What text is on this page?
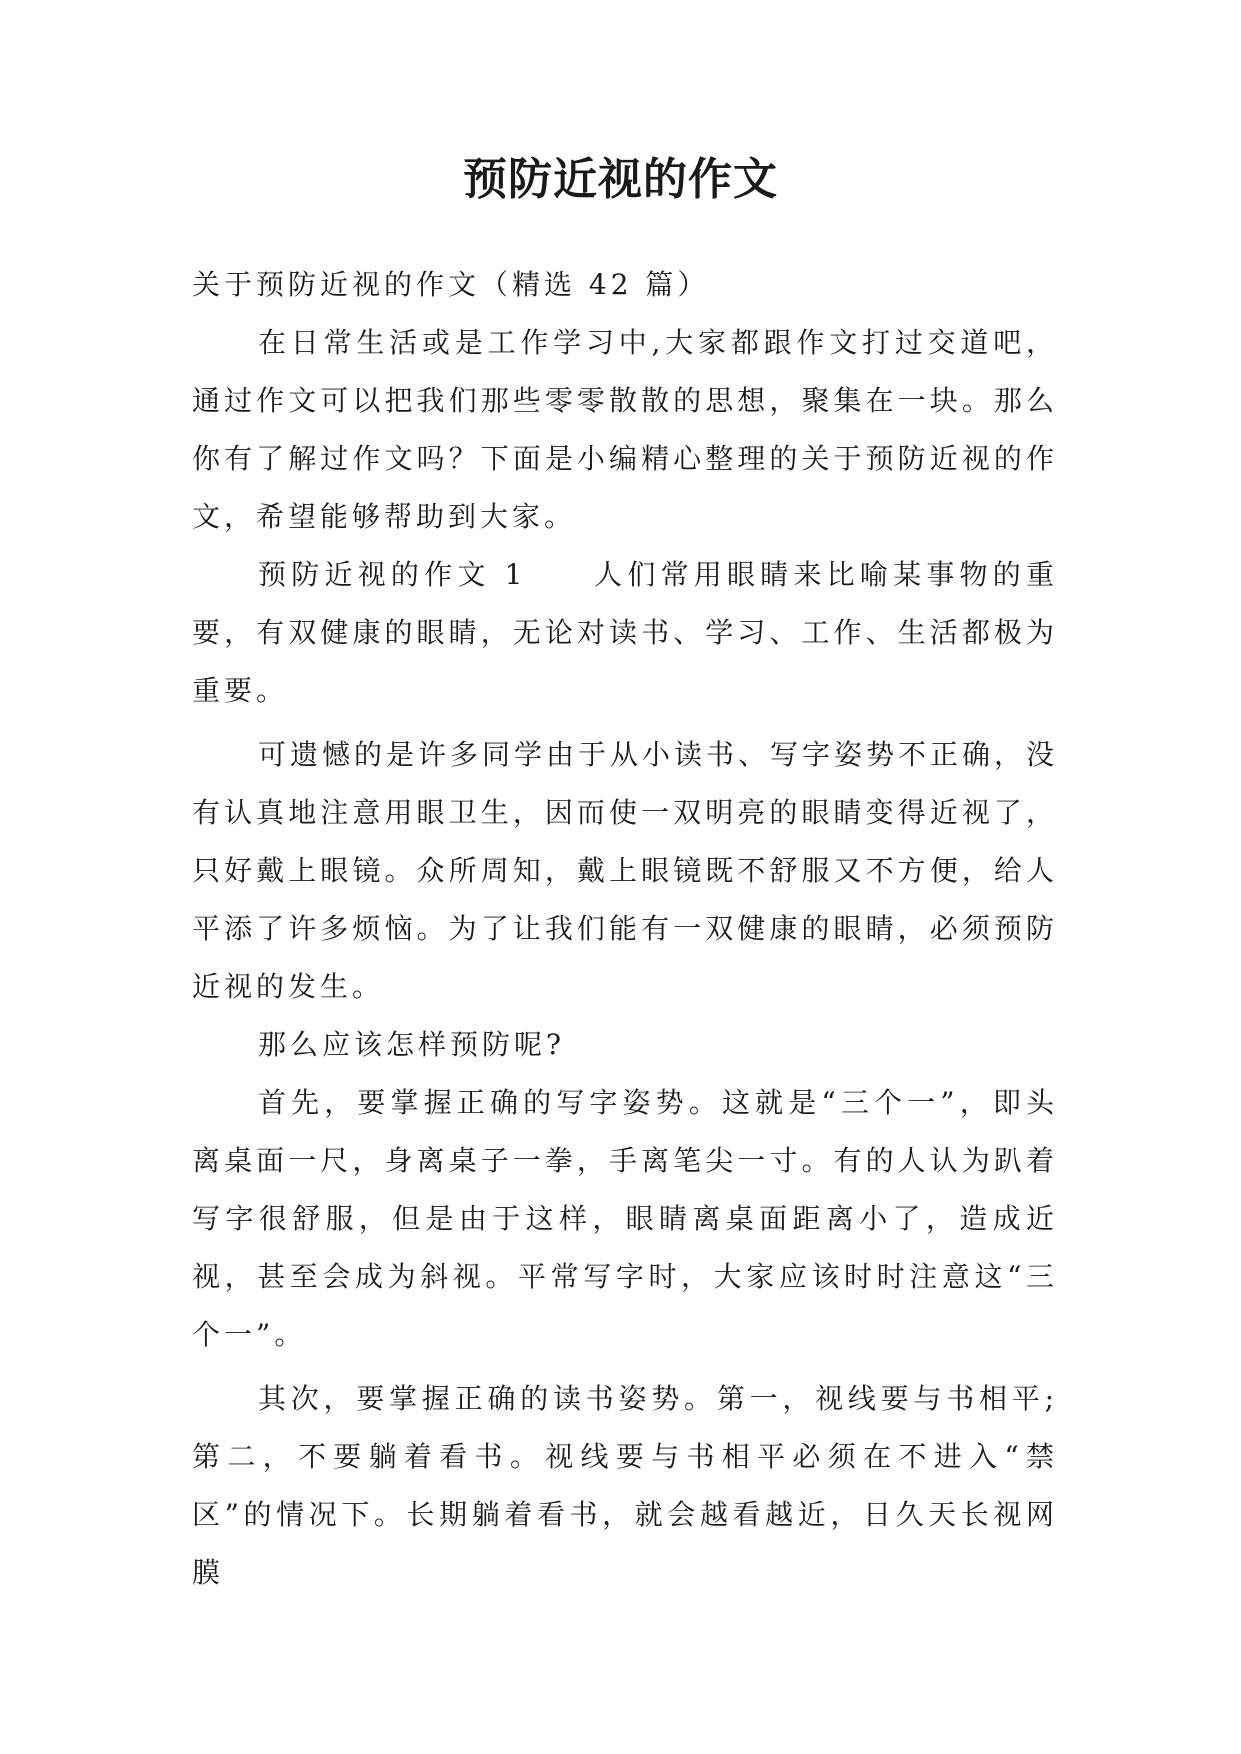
预防近视的作文

关于预防近视的作文（精选 42 篇）

在日常生活或是工作学习中,大家都跟作文打过交道吧，通过作文可以把我们那些零零散散的思想，聚集在一块。那么你有了解过作文吗？下面是小编精心整理的关于预防近视的作文，希望能够帮助到大家。

预防近视的作文 1　　人们常用眼睛来比喻某事物的重要，有双健康的眼睛，无论对读书、学习、工作、生活都极为重要。

可遗憾的是许多同学由于从小读书、写字姿势不正确，没有认真地注意用眼卫生，因而使一双明亮的眼睛变得近视了，只好戴上眼镜。众所周知，戴上眼镜既不舒服又不方便，给人平添了许多烦恼。为了让我们能有一双健康的眼睛，必须预防近视的发生。

那么应该怎样预防呢?

首先，要掌握正确的写字姿势。这就是“三个一”，即头离桌面一尺，身离桌子一拳，手离笔尖一寸。有的人认为趴着写字很舒服，但是由于这样，眼睛离桌面距离小了，造成近视，甚至会成为斜视。平常写字时，大家应该时时注意这“三个一”。

其次，要掌握正确的读书姿势。第一，视线要与书相平;第二，不要躺着看书。视线要与书相平必须在不进入“禁区”的情况下。长期躺着看书，就会越看越近，日久天长视网膜
